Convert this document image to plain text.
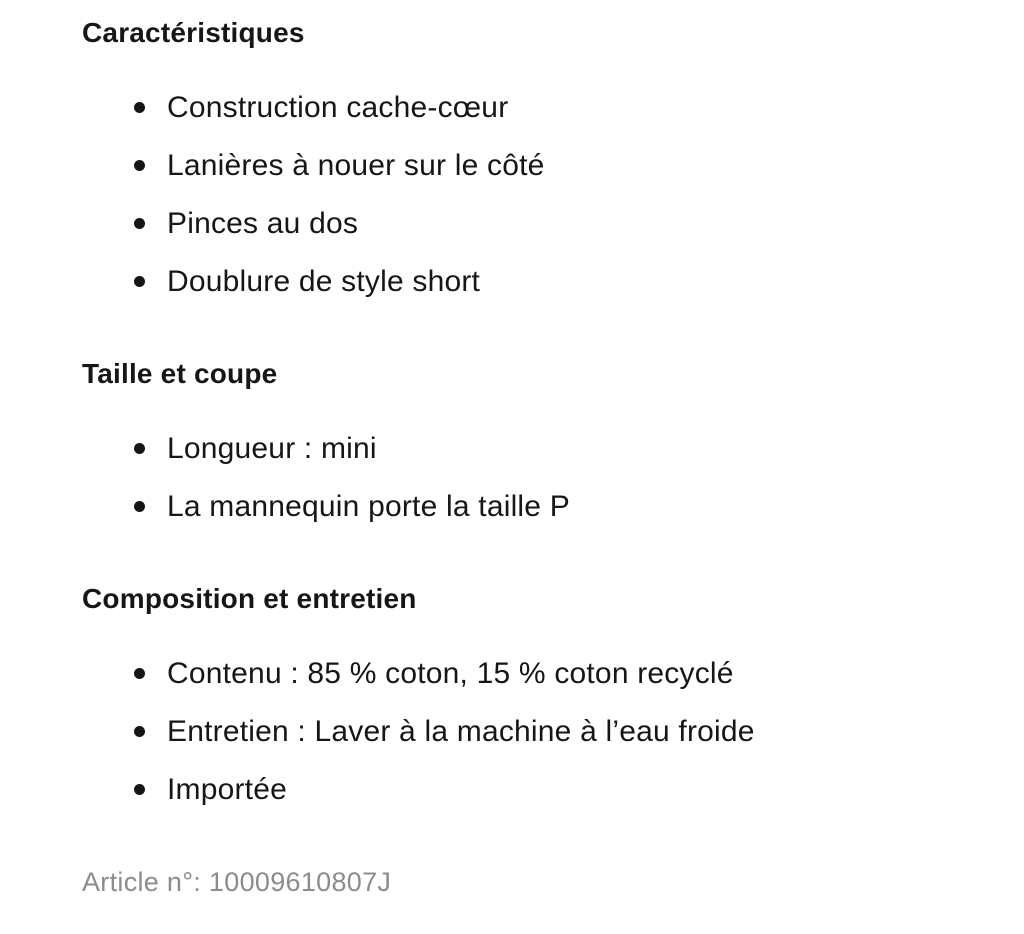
Caractéristiques
Construction cache-cœur
Lanières à nouer sur le côté
Pinces au dos
Doublure de style short
Taille et coupe
Longueur : mini
La mannequin porte la taille P
Composition et entretien
Contenu : 85 % coton, 15 % coton recyclé
Entretien : Laver à la machine à l’eau froide
Importée

Article n°: 10009610807J
